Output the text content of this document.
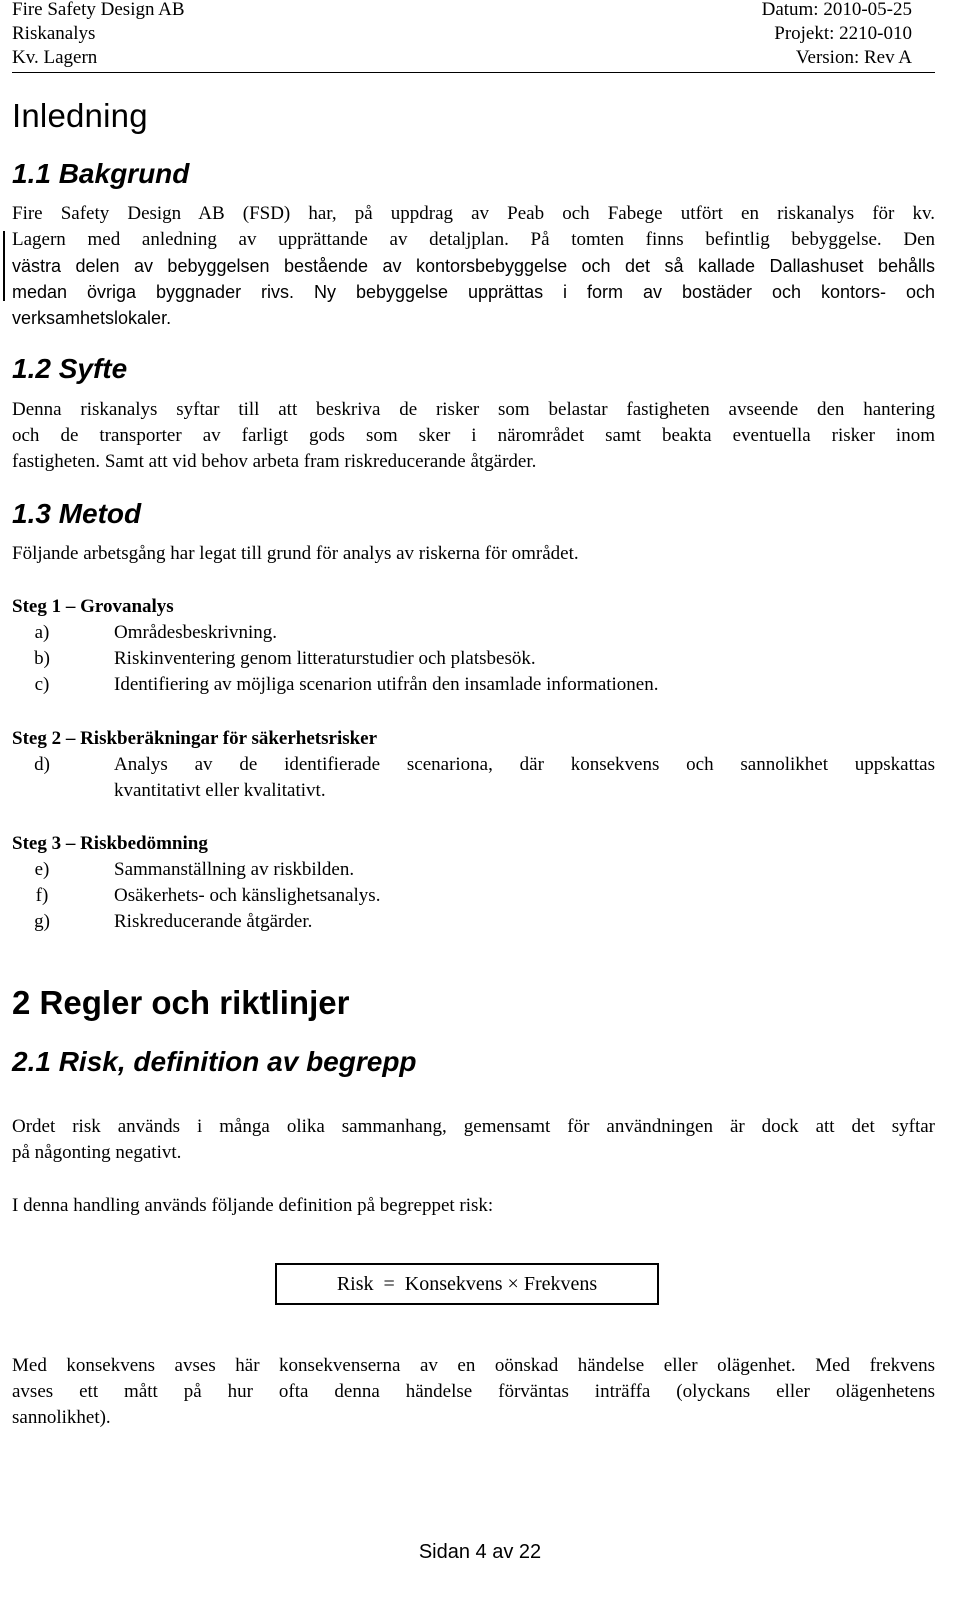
Fire Safety Design AB	Datum: 2010-05-25
Riskanalys	Projekt: 2210-010
Kv. Lagern	Version: Rev A
Inledning
1.1 Bakgrund
Fire Safety Design AB (FSD) har, på uppdrag av Peab och Fabege utfört en riskanalys för kv.
Lagern med anledning av upprättande av detaljplan. På tomten finns befintlig bebyggelse. Den
västra delen av bebyggelsen bestående av kontorsbebyggelse och det så kallade Dallashuset behålls
medan övriga byggnader rivs. Ny bebyggelse upprättas i form av bostäder och kontors- och
verksamhetslokaler.
1.2 Syfte
Denna riskanalys syftar till att beskriva de risker som belastar fastigheten avseende den hantering
och de transporter av farligt gods som sker i närområdet samt beakta eventuella risker inom
fastigheten. Samt att vid behov arbeta fram riskreducerande åtgärder.
1.3 Metod
Följande arbetsgång har legat till grund för analys av riskerna för området.
Steg 1 – Grovanalys
a)	Områdesbeskrivning.
b)	Riskinventering genom litteraturstudier och platsbesök.
c)	Identifiering av möjliga scenarion utifrån den insamlade informationen.
Steg 2 – Riskberäkningar för säkerhetsrisker
d)	Analys av de identifierade scenariona, där konsekvens och sannolikhet uppskattas
kvantitativt eller kvalitativt.
Steg 3 – Riskbedömning
e)	Sammanställning av riskbilden.
f)	Osäkerhets- och känslighetsanalys.
g)	Riskreducerande åtgärder.
2 Regler och riktlinjer
2.1 Risk, definition av begrepp
Ordet risk används i många olika sammanhang, gemensamt för användningen är dock att det syftar
på någonting negativt.
I denna handling används följande definition på begreppet risk:
Risk  =  Konsekvens × Frekvens
Med konsekvens avses här konsekvenserna av en oönskad händelse eller olägenhet. Med frekvens
avses ett mått på hur ofta denna händelse förväntas inträffa (olyckans eller olägenhetens
sannolikhet).
Sidan 4 av 22
